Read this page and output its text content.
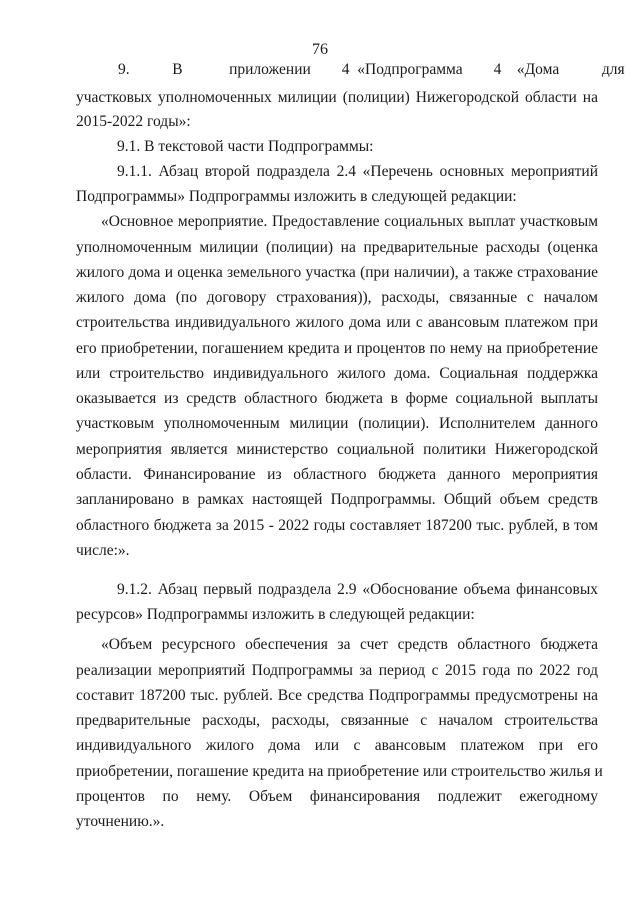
76
9.           В            приложении        4  «Подпрограмма        4    «Дома           для
участковых уполномоченных милиции (полиции) Нижегородской области на
2015-2022 годы»:
9.1. В текстовой части Подпрограммы:
9.1.1. Абзац второй подраздела 2.4 «Перечень основных мероприятий
Подпрограммы» Подпрограммы изложить в следующей редакции:
«Основное мероприятие. Предоставление социальных выплат участковым
уполномоченным милиции (полиции) на предварительные расходы (оценка
жилого дома и оценка земельного участка (при наличии), а также страхование
жилого дома (по договору страхования)), расходы, связанные с началом
строительства индивидуального жилого дома или с авансовым платежом при
его приобретении, погашением кредита и процентов по нему на приобретение
или строительство индивидуального жилого дома. Социальная поддержка
оказывается из средств областного бюджета в форме социальной выплаты
участковым уполномоченным милиции (полиции). Исполнителем данного
мероприятия является министерство социальной политики Нижегородской
области. Финансирование из областного бюджета данного мероприятия
запланировано в рамках настоящей Подпрограммы. Общий объем средств
областного бюджета за 2015 - 2022 годы составляет 187200 тыс. рублей, в том
числе:».
9.1.2. Абзац первый подраздела 2.9 «Обоснование объема финансовых
ресурсов» Подпрограммы изложить в следующей редакции:
«Объем ресурсного обеспечения за счет средств областного бюджета
реализации мероприятий Подпрограммы за период с 2015 года по 2022 год
составит 187200 тыс. рублей. Все средства Подпрограммы предусмотрены на
предварительные расходы, расходы, связанные с началом строительства
индивидуального жилого дома или с авансовым платежом при его
приобретении, погашение кредита на приобретение или строительство жилья и
процентов по нему. Объем финансирования подлежит ежегодному
уточнению.».
